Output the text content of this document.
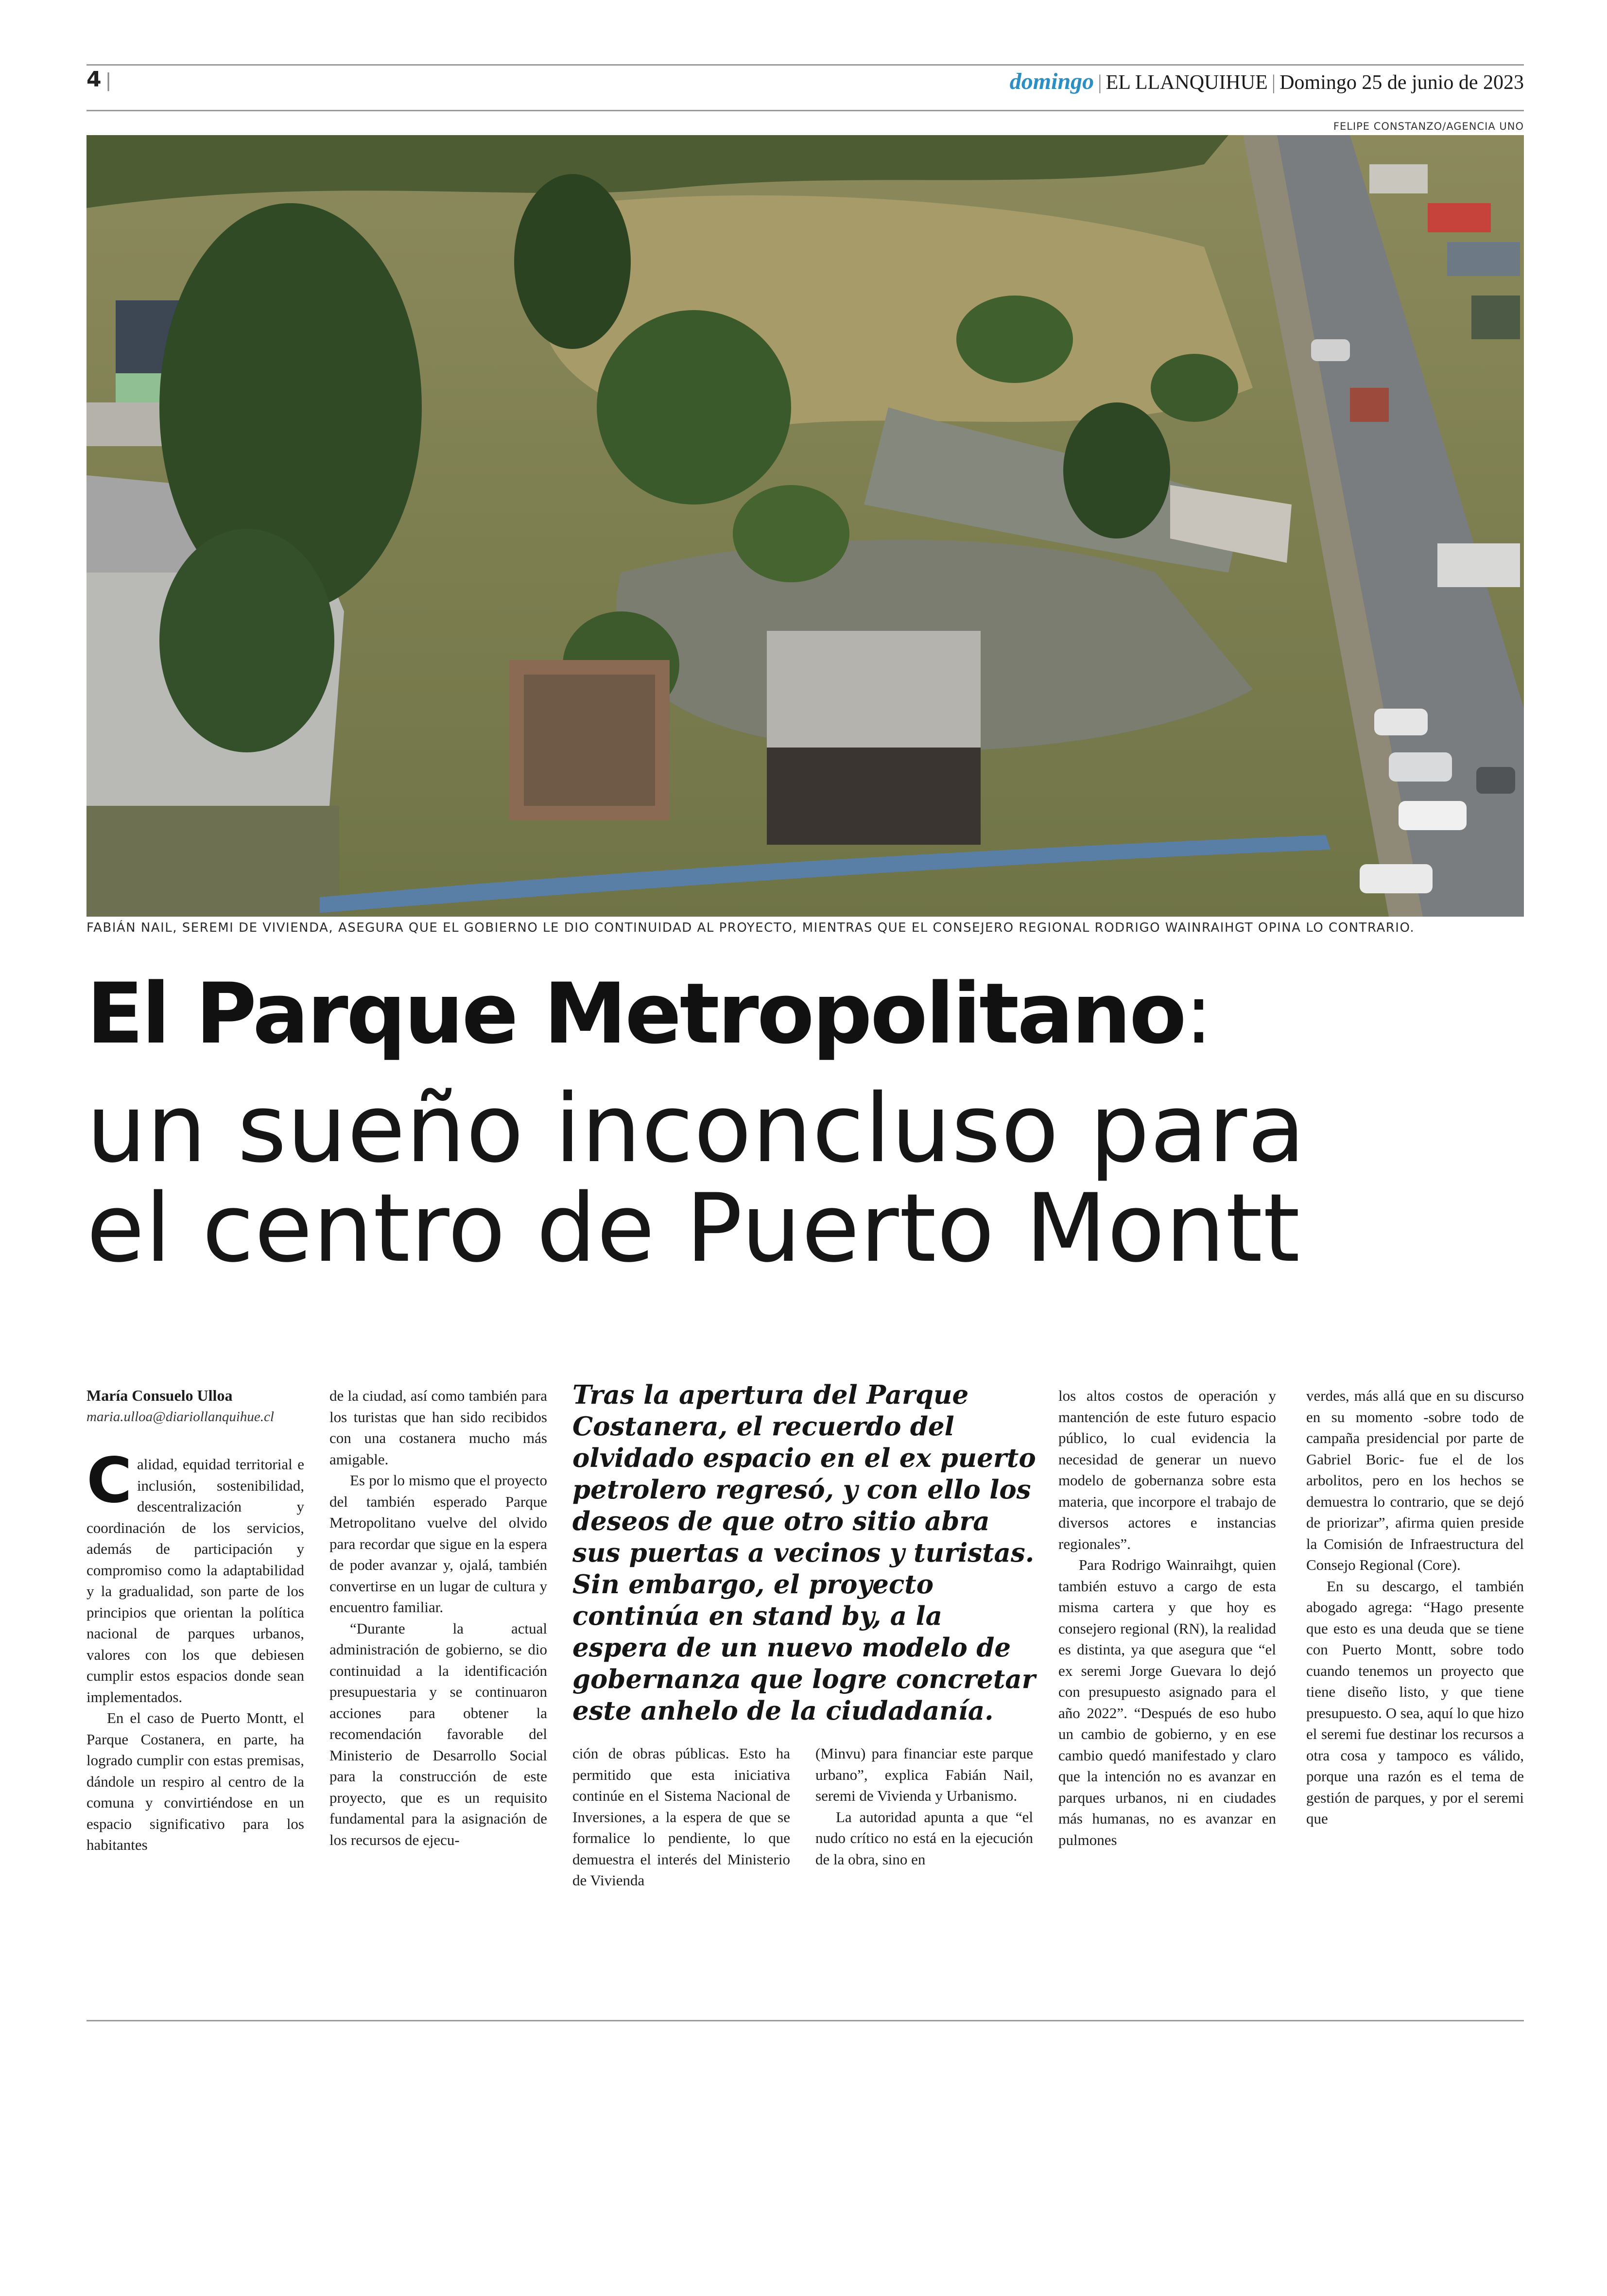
4 |	domingo | EL LLANQUIHUE | Domingo 25 de junio de 2023
FELIPE CONSTANZO/AGENCIA UNO
FABIÁN NAIL, SEREMI DE VIVIENDA, ASEGURA QUE EL GOBIERNO LE DIO CONTINUIDAD AL PROYECTO, MIENTRAS QUE EL CONSEJERO REGIONAL RODRIGO WAINRAIHGT OPINA LO CONTRARIO.
El Parque Metropolitano:
un sueño inconcluso para
el centro de Puerto Montt

María Consuelo Ulloa

maria.ulloa@diariollanquihue.cl

Calidad, equidad territorial e inclusión, sostenibilidad, descentralización y coordinación de los servicios, además de participación y compromiso como la adaptabilidad y la gradualidad, son parte de los principios que orientan la política nacional de parques urbanos, valores con los que debiesen cumplir estos espacios donde sean implementados.

En el caso de Puerto Montt, el Parque Costanera, en parte, ha logrado cumplir con estas premisas, dándole un respiro al centro de la comuna y convirtiéndose en un espacio significativo para los habitantes

de la ciudad, así como también para los turistas que han sido recibidos con una costanera mucho más amigable.

Es por lo mismo que el proyecto del también esperado Parque Metropolitano vuelve del olvido para recordar que sigue en la espera de poder avanzar y, ojalá, también convertirse en un lugar de cultura y encuentro familiar.

“Durante la actual administración de gobierno, se dio continuidad a la identificación presupuestaria y se continuaron acciones para obtener la recomendación favorable del Ministerio de Desarrollo Social para la construcción de este proyecto, que es un requisito fundamental para la asignación de los recursos de ejecu-

Tras la apertura del Parque Costanera, el recuerdo del olvidado espacio en el ex puerto petrolero regresó, y con ello los deseos de que otro sitio abra sus puertas a vecinos y turistas. Sin embargo, el proyecto continúa en stand by, a la espera de un nuevo modelo de gobernanza que logre concretar este anhelo de la ciudadanía.

ción de obras públicas. Esto ha permitido que esta iniciativa continúe en el Sistema Nacional de Inversiones, a la espera de que se formalice lo pendiente, lo que demuestra el interés del Ministerio de Vivienda

(Minvu) para financiar este parque urbano”, explica Fabián Nail, seremi de Vivienda y Urbanismo.

La autoridad apunta a que “el nudo crítico no está en la ejecución de la obra, sino en

los altos costos de operación y mantención de este futuro espacio público, lo cual evidencia la necesidad de generar un nuevo modelo de gobernanza sobre esta materia, que incorpore el trabajo de diversos actores e instancias regionales”.

Para Rodrigo Wainraihgt, quien también estuvo a cargo de esta misma cartera y que hoy es consejero regional (RN), la realidad es distinta, ya que asegura que “el ex seremi Jorge Guevara lo dejó con presupuesto asignado para el año 2022”. “Después de eso hubo un cambio de gobierno, y en ese cambio quedó manifestado y claro que la intención no es avanzar en parques urbanos, ni en ciudades más humanas, no es avanzar en pulmones

verdes, más allá que en su discurso en su momento -sobre todo de campaña presidencial por parte de Gabriel Boric- fue el de los arbolitos, pero en los hechos se demuestra lo contrario, que se dejó de priorizar”, afirma quien preside la Comisión de Infraestructura del Consejo Regional (Core).

En su descargo, el también abogado agrega: “Hago presente que esto es una deuda que se tiene con Puerto Montt, sobre todo cuando tenemos un proyecto que tiene diseño listo, y que tiene presupuesto. O sea, aquí lo que hizo el seremi fue destinar los recursos a otra cosa y tampoco es válido, porque una razón es el tema de gestión de parques, y por el seremi que
